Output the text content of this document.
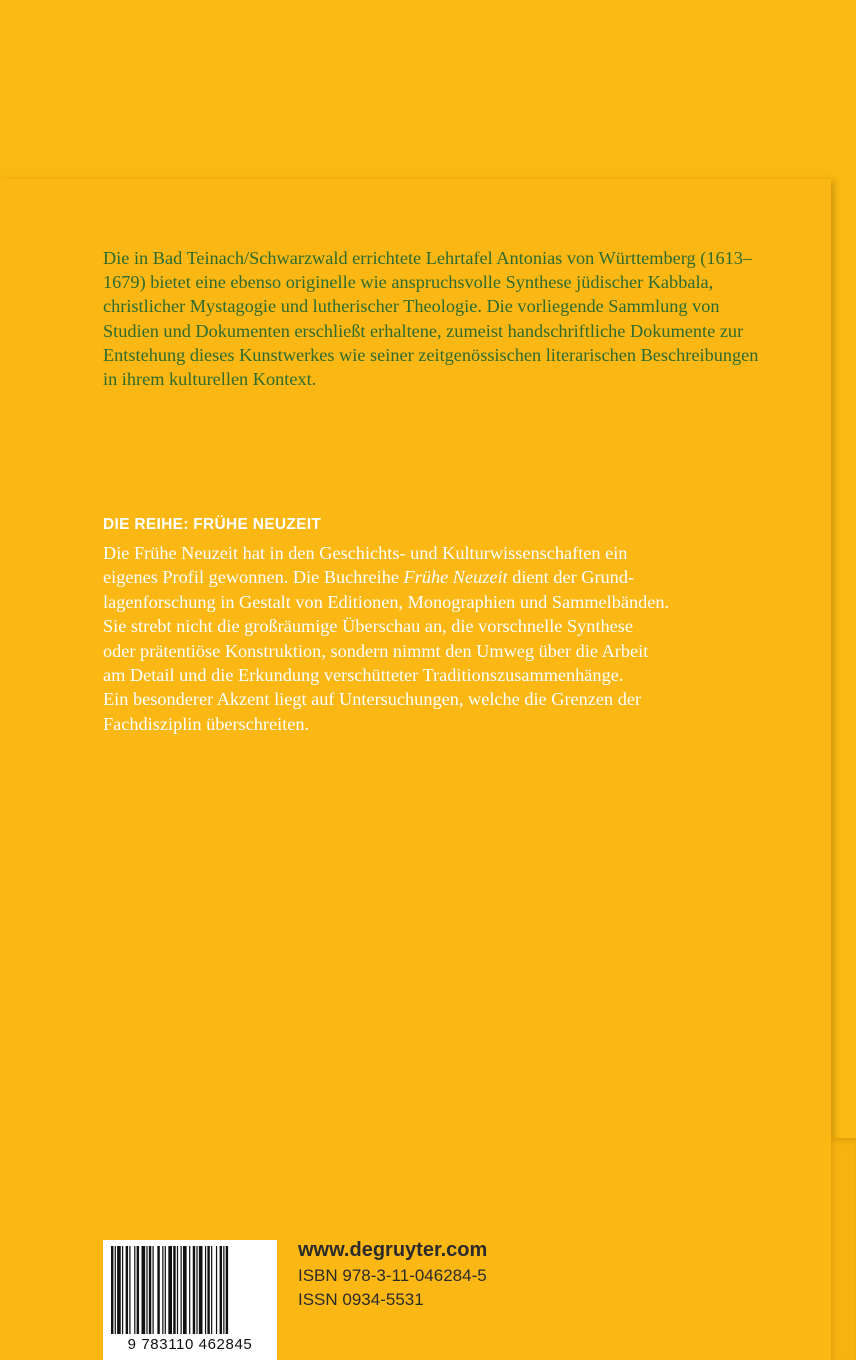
Die in Bad Teinach/Schwarzwald errichtete Lehrtafel Antonias von Württemberg (1613–1679) bietet eine ebenso originelle wie anspruchsvolle Synthese jüdischer Kabbala, christlicher Mystagogie und lutherischer Theologie. Die vorliegende Sammlung von Studien und Dokumenten erschließt erhaltene, zumeist handschriftliche Dokumente zur Entstehung dieses Kunstwerkes wie seiner zeitgenössischen literarischen Beschreibungen in ihrem kulturellen Kontext.

DIE REIHE: FRÜHE NEUZEIT

Die Frühe Neuzeit hat in den Geschichts- und Kulturwissenschaften ein
eigenes Profil gewonnen. Die Buchreihe Frühe Neuzeit dient der Grund-
lagenforschung in Gestalt von Editionen, Monographien und Sammelbänden.
Sie strebt nicht die großräumige Überschau an, die vorschnelle Synthese
oder prätentiöse Konstruktion, sondern nimmt den Umweg über die Arbeit
am Detail und die Erkundung verschütteter Traditionszusammenhänge.
Ein besonderer Akzent liegt auf Untersuchungen, welche die Grenzen der
Fachdisziplin überschreiten.

9 783110 462845
www.degruyter.com
ISBN 978-3-11-046284-5
ISSN 0934-5531
